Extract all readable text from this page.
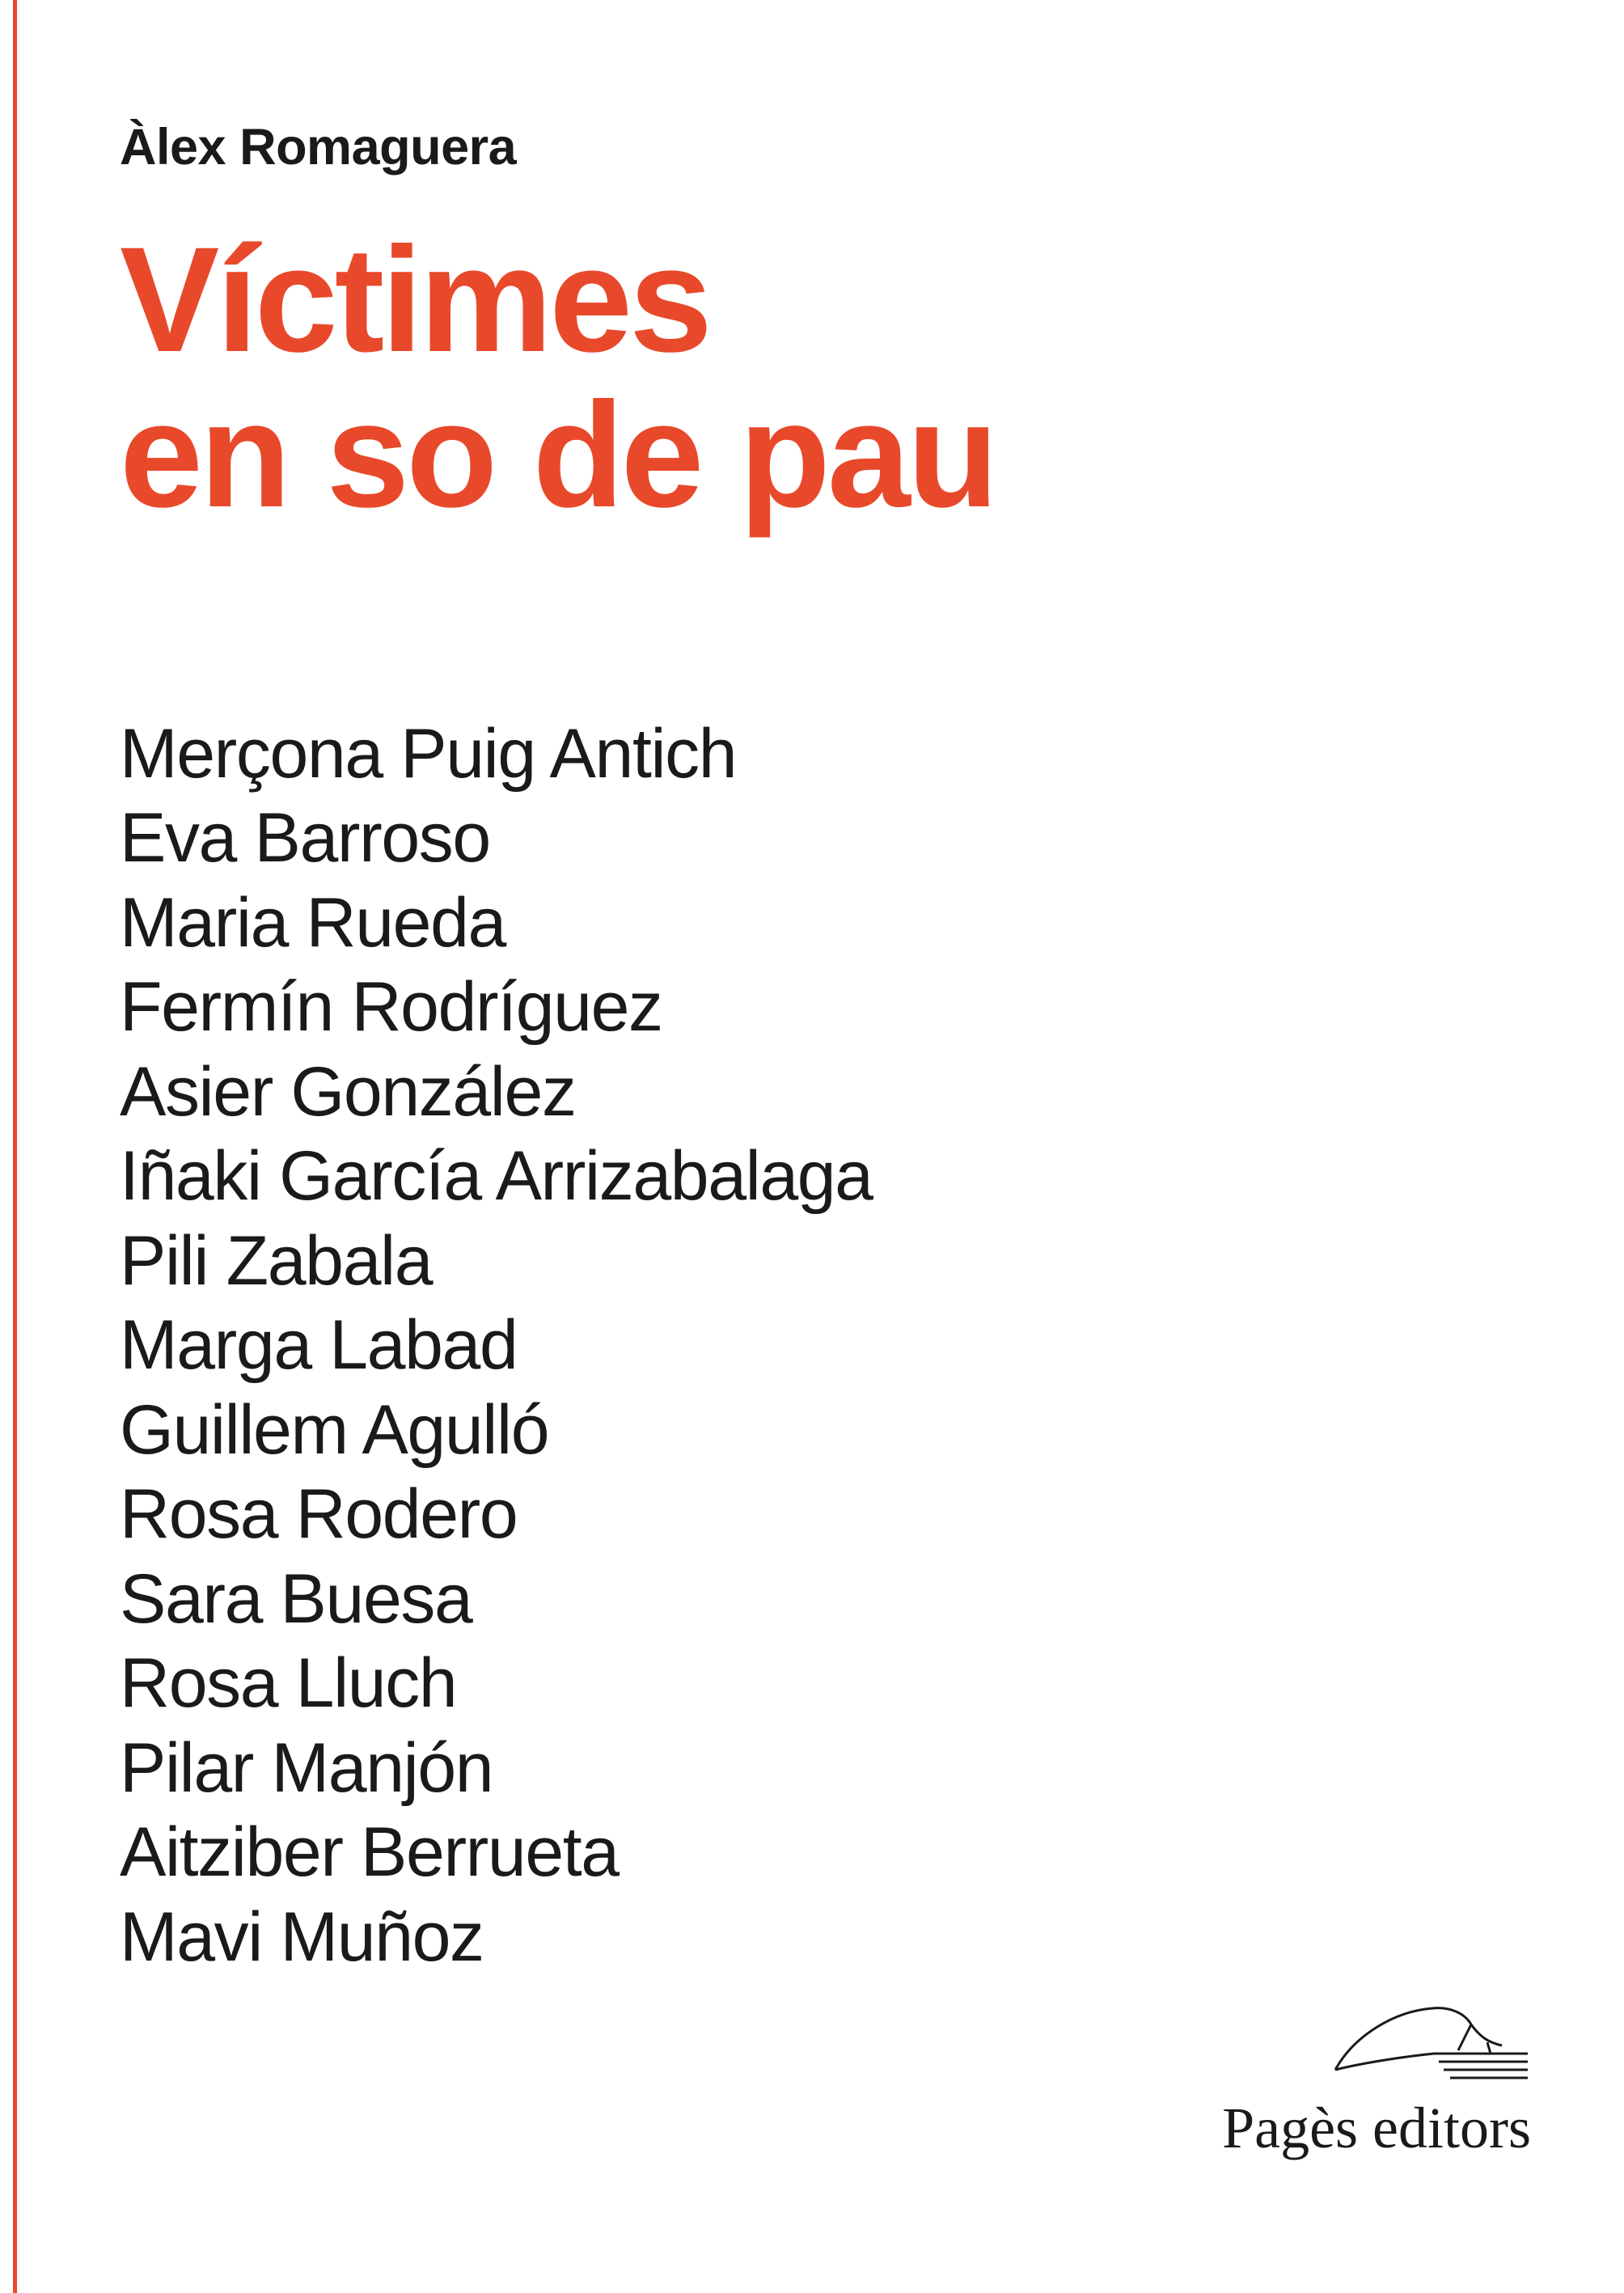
Àlex Romaguera
Víctimes
en so de pau
Merçona Puig Antich
Eva Barroso
Maria Rueda
Fermín Rodríguez
Asier González
Iñaki García Arrizabalaga
Pili Zabala
Marga Labad
Guillem Agulló
Rosa Rodero
Sara Buesa
Rosa Lluch
Pilar Manjón
Aitziber Berrueta
Mavi Muñoz
Pagès editors
